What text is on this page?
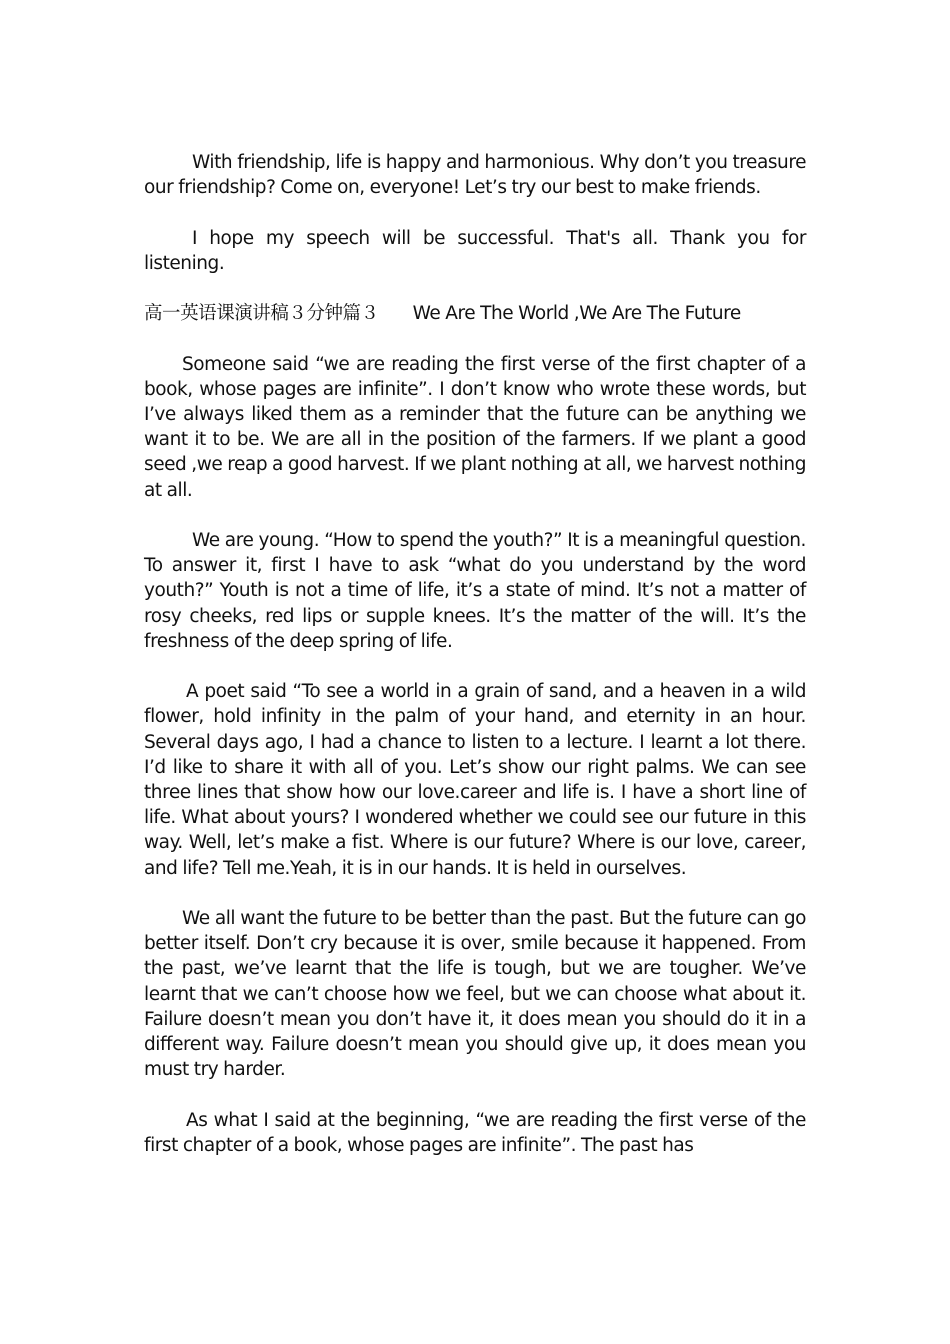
With friendship, life is happy and harmonious. Why don’t you treasure our friendship? Come on, everyone! Let’s try our best to make friends.

I hope my speech will be successful. That's all. Thank you for listening.

高一英语课演讲稿３分钟篇３ We Are The World ,We Are The Future

Someone said “we are reading the first verse of the first chapter of a book, whose pages are infinite”. I don’t know who wrote these words, but I’ve always liked them as a reminder that the future can be anything we want it to be. We are all in the position of the farmers. If we plant a good seed ,we reap a good harvest. If we plant nothing at all, we harvest nothing at all.

We are young. “How to spend the youth?” It is a meaningful question. To answer it, first I have to ask “what do you understand by the word youth?” Youth is not a time of life, it’s a state of mind. It’s not a matter of rosy cheeks, red lips or supple knees. It’s the matter of the will. It’s the freshness of the deep spring of life.

A poet said “To see a world in a grain of sand, and a heaven in a wild flower, hold infinity in the palm of your hand, and eternity in an hour. Several days ago, I had a chance to listen to a lecture. I learnt a lot there. I’d like to share it with all of you. Let’s show our right palms. We can see three lines that show how our love.career and life is. I have a short line of life. What about yours? I wondered whether we could see our future in this way. Well, let’s make a fist. Where is our future? Where is our love, career, and life? Tell me.Yeah, it is in our hands. It is held in ourselves.

We all want the future to be better than the past. But the future can go better itself. Don’t cry because it is over, smile because it happened. From the past, we’ve learnt that the life is tough, but we are tougher. We’ve learnt that we can’t choose how we feel, but we can choose what about it. Failure doesn’t mean you don’t have it, it does mean you should do it in a different way. Failure doesn’t mean you should give up, it does mean you must try harder.

As what I said at the beginning, “we are reading the first verse of the first chapter of a book, whose pages are infinite”. The past has
